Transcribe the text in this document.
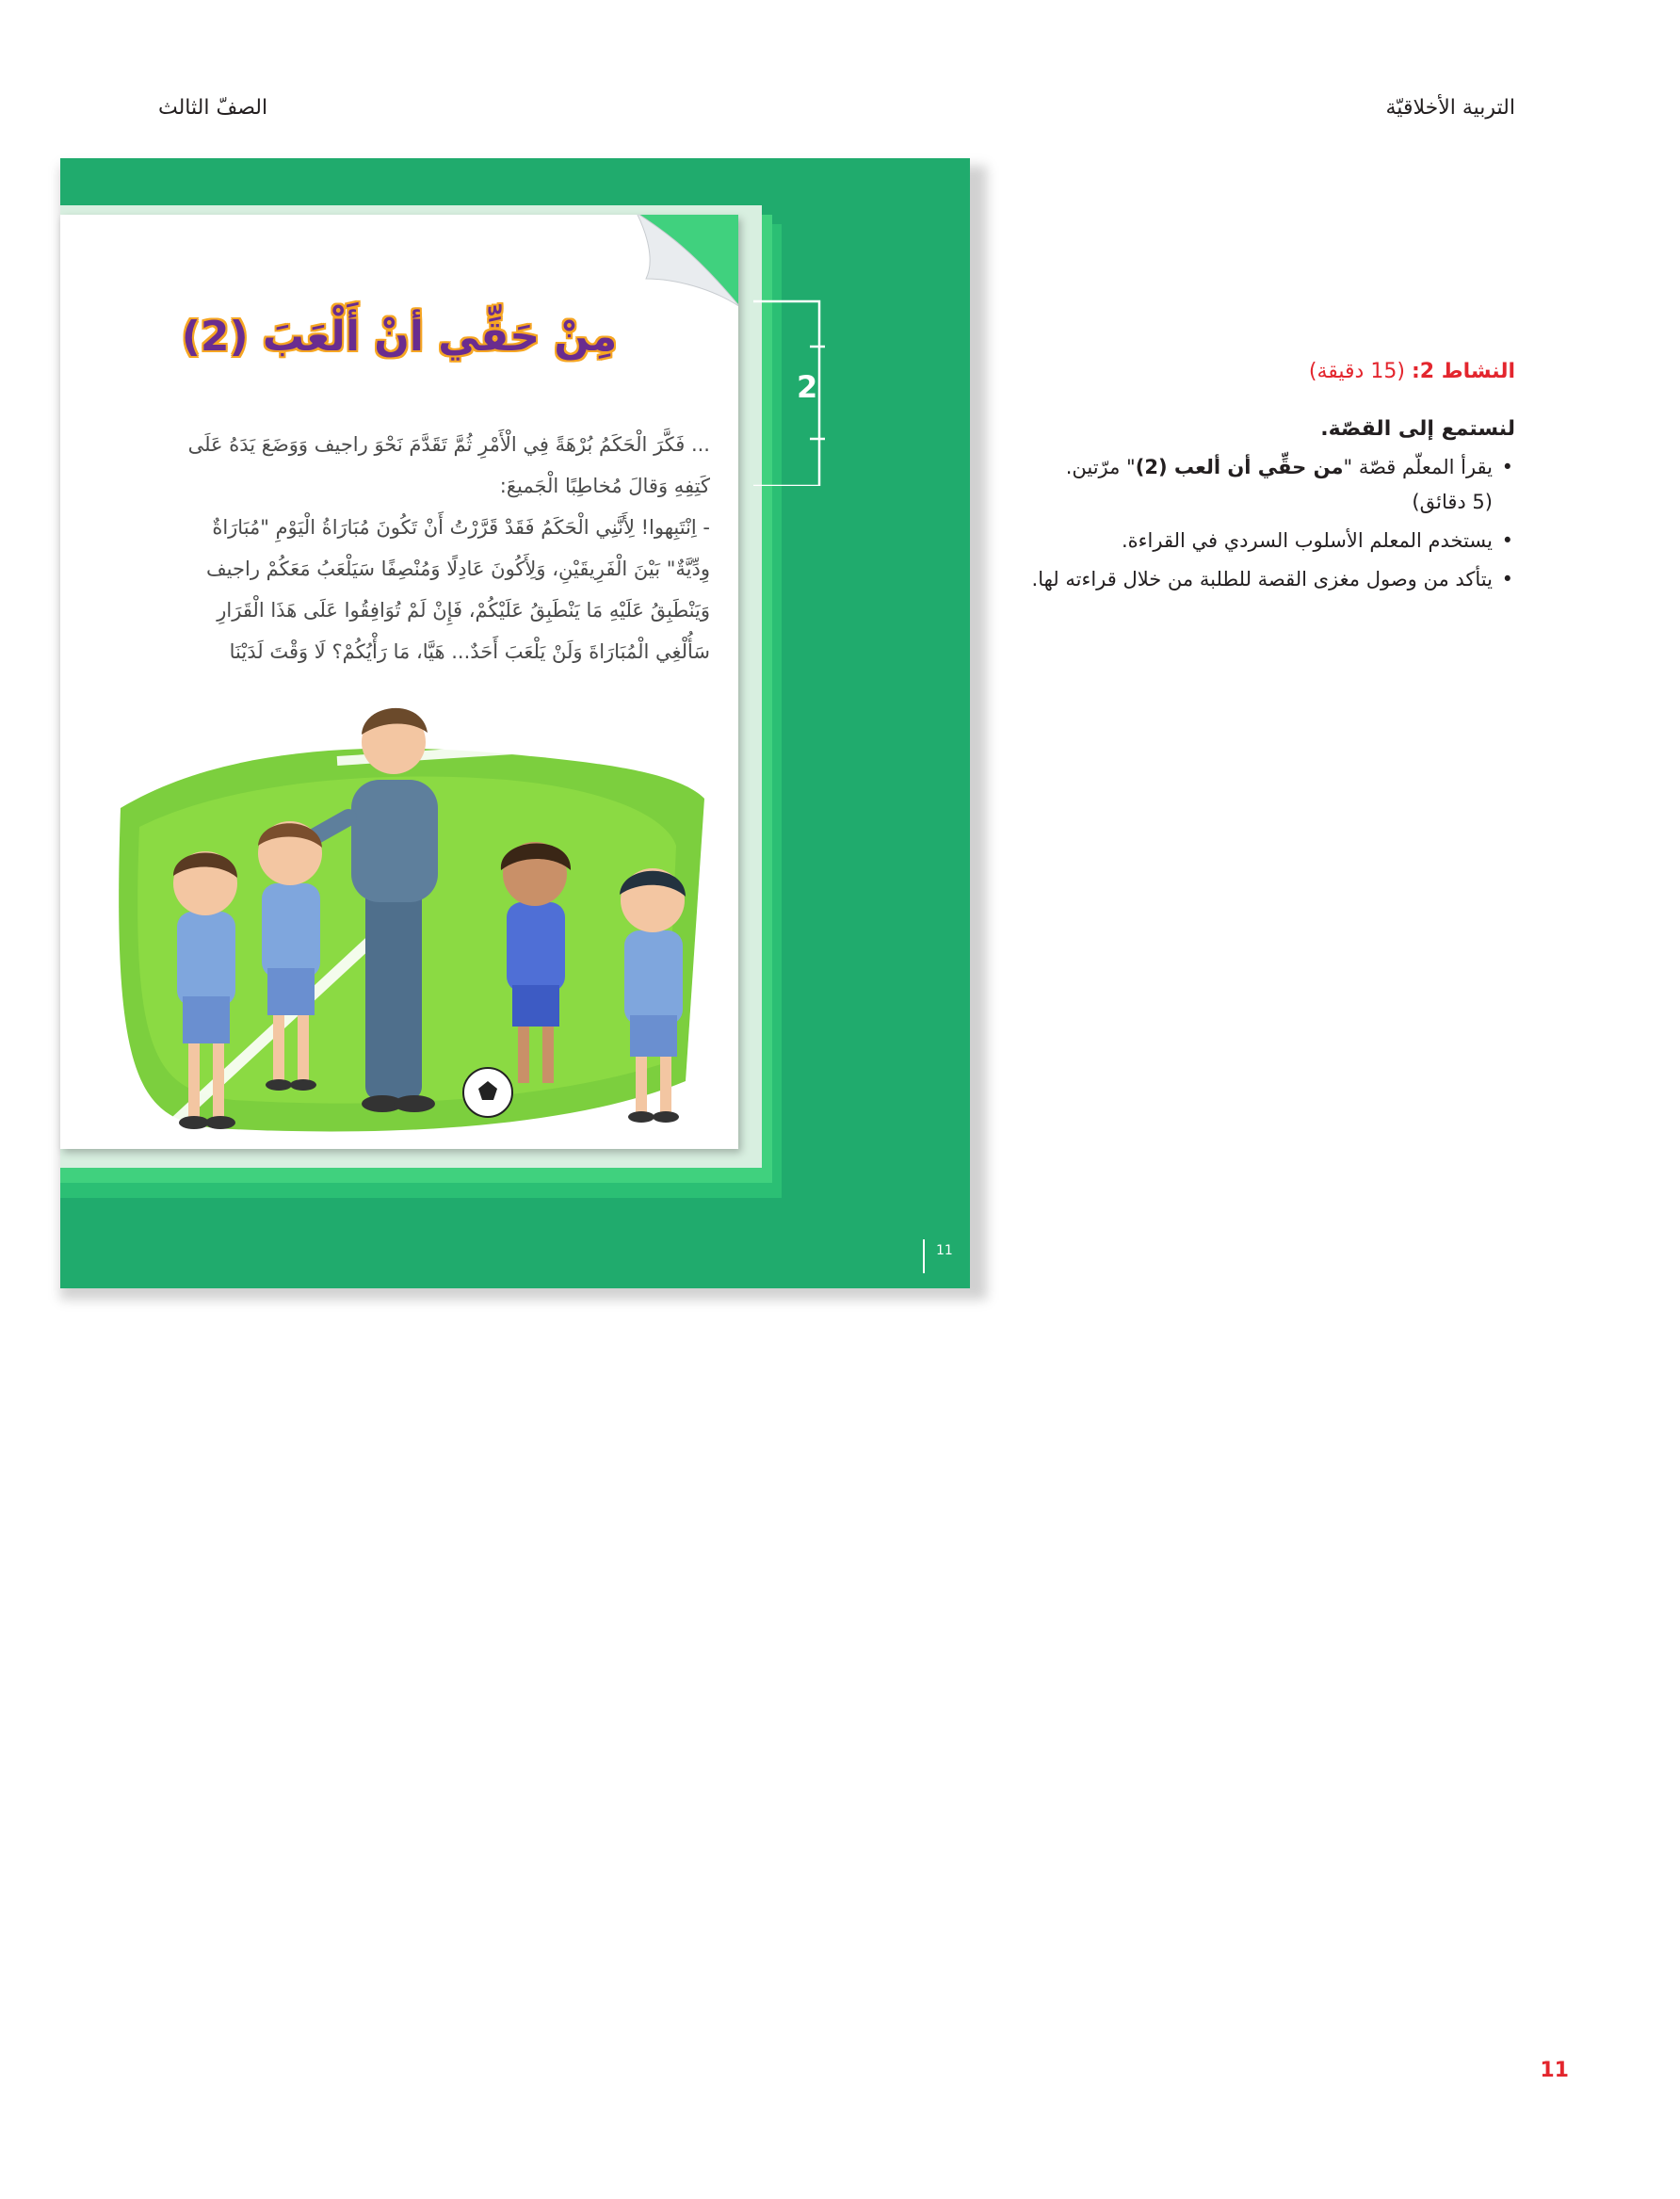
التربية الأخلاقيّة
الصفّ الثالث
مِنْ حَقِّي أنْ أَلْعَبَ (2)

... فَكَّرَ الْحَكَمُ بُرْهَةً فِي الْأَمْرِ ثُمَّ تَقَدَّمَ نَحْوَ راجيف وَوَضَعَ يَدَهُ عَلَى

كَتِفِهِ وَقالَ مُخاطِبًا الْجَميعَ:

- اِنْتَبِهوا! لِأَنَّنِي الْحَكَمُ فَقَدْ قَرَّرْتُ أَنْ تَكُونَ مُبَارَاةُ الْيَوْمِ "مُبَارَاةٌ

وِدِّيَّةٌ" بَيْنَ الْفَرِيقَيْنِ، وَلِأَكُونَ عَادِلًا وَمُنْصِفًا سَيَلْعَبُ مَعَكُمْ راجيف

وَيَنْطَبِقُ عَلَيْهِ مَا يَنْطَبِقُ عَلَيْكُمْ، فَإِنْ لَمْ تُوَافِقُوا عَلَى هَذَا الْقَرَارِ

سَأُلْغِي الْمُبَارَاةَ وَلَنْ يَلْعَبَ أَحَدٌ... هَيَّا، مَا رَأْيُكُمْ؟ لَا وَقْتَ لَدَيْنَا

2
11
النشاط 2: (15 دقيقة)
لنستمع إلى القصّة.
• يقرأ المعلّم قصّة "من حقِّي أن ألعب (2)" مرّتين.
(5 دقائق)
• يستخدم المعلم الأسلوب السردي في القراءة.
• يتأكد من وصول مغزى القصة للطلبة من خلال قراءته لها.
11
